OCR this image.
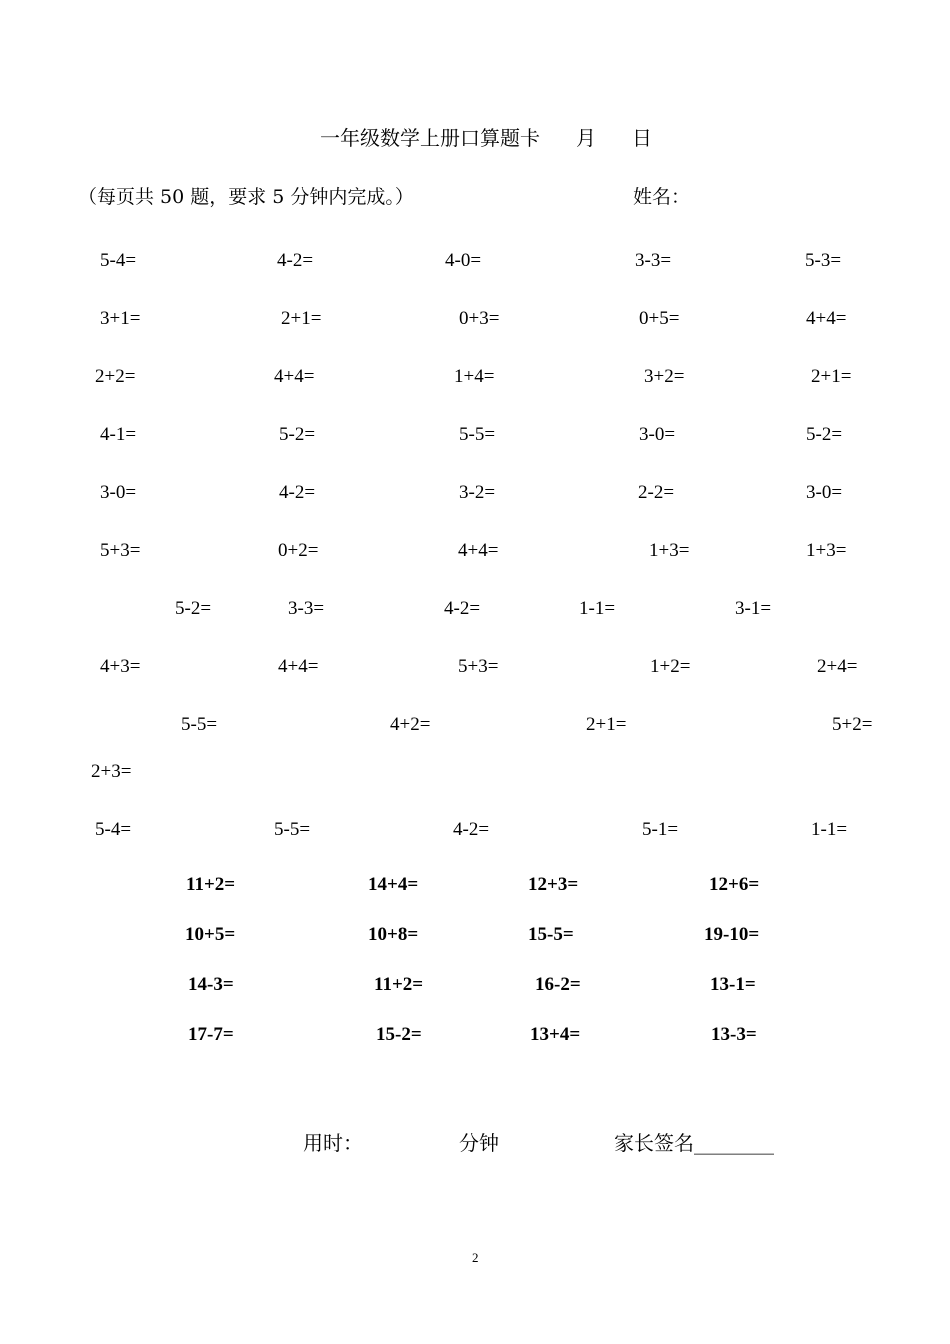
一年级数学上册口算题卡 月 日
（每页共 50 题，要求 5 分钟内完成。）	姓名：
5-4=	4-2=	4-0=	3-3=	5-3=
3+1=	2+1=	0+3=	0+5=	4+4=
2+2=	4+4=	1+4=	3+2=	2+1=
4-1=	5-2=	5-5=	3-0=	5-2=
3-0=	4-2=	3-2=	2-2=	3-0=
5+3=	0+2=	4+4=	1+3=	1+3=
5-2=	3-3=	4-2=	1-1=	3-1=
4+3=	4+4=	5+3=	1+2=	2+4=
5-5=	4+2=	2+1=	5+2=
2+3=
5-4=	5-5=	4-2=	5-1=	1-1=
11+2=	14+4=	12+3=	12+6=
10+5=	10+8=	15-5=	19-10=
14-3=	11+2=	16-2=	13-1=
17-7=	15-2=	13+4=	13-3=
用时：	分钟	家长签名________
2
